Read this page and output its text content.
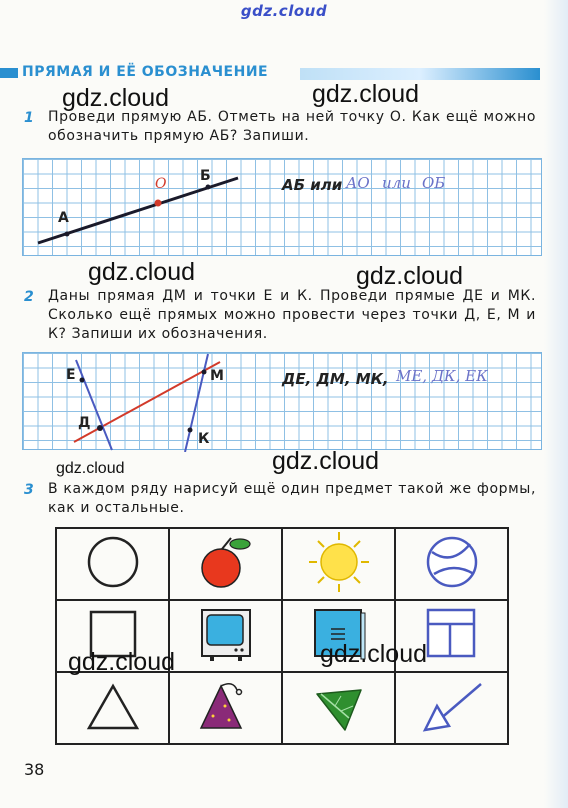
gdz.cloud
ПРЯМАЯ И ЕЁ ОБОЗНАЧЕНИЕ
gdz.cloud	gdz.cloud
1 Проведи прямую АБ. Отметь на ней точку О. Как ещё можно обозначить прямую АБ? Запиши.
А
Б
О	АБ или АО или ОБ
gdz.cloud	gdz.cloud
2 Даны прямая ДМ и точки Е и К. Проведи прямые ДЕ и МК. Сколько ещё прямых можно провести через точки Д, Е, М и К? Запиши их обозначения.
Е
Д
М
К
ДЕ, ДМ, МК, МЕ, ДК, ЕК
gdz.cloud	gdz.cloud
3 В каждом ряду нарисуй ещё один предмет такой же формы, как и остальные.

gdz.cloud	gdz.cloud
38
